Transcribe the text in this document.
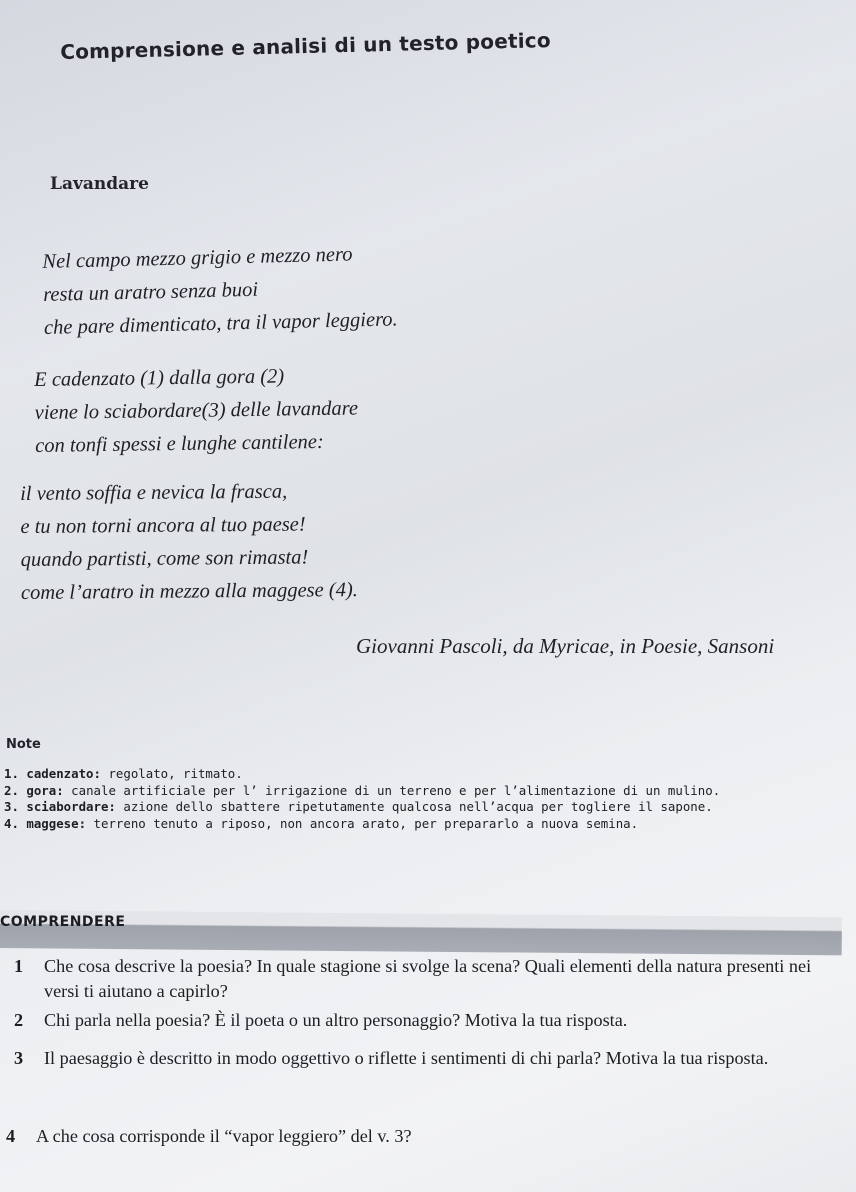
Comprensione e analisi di un testo poetico
Lavandare
Nel campo mezzo grigio e mezzo nero
resta un aratro senza buoi
che pare dimenticato, tra il vapor leggiero.
E cadenzato (1) dalla gora (2)
viene lo sciabordare(3) delle lavandare
con tonfi spessi e lunghe cantilene:
il vento soffia e nevica la frasca,
e tu non torni ancora al tuo paese!
quando partisti, come son rimasta!
come l’aratro in mezzo alla maggese (4).
Giovanni Pascoli, da Myricae, in Poesie, Sansoni
Note
1. cadenzato: regolato, ritmato.
2. gora: canale artificiale per l’ irrigazione di un terreno e per l’alimentazione di un mulino.
3. sciabordare: azione dello sbattere ripetutamente qualcosa nell’acqua per togliere il sapone.
4. maggese: terreno tenuto a riposo, non ancora arato, per prepararlo a nuova semina.
COMPRENDERE
1	Che cosa descrive la poesia? In quale stagione si svolge la scena? Quali elementi della natura presenti nei versi ti aiutano a capirlo?
2	Chi parla nella poesia? È il poeta o un altro personaggio? Motiva la tua risposta.
3	Il paesaggio è descritto in modo oggettivo o riflette i sentimenti di chi parla? Motiva la tua risposta.
4	A che cosa corrisponde il “vapor leggiero” del v. 3?
